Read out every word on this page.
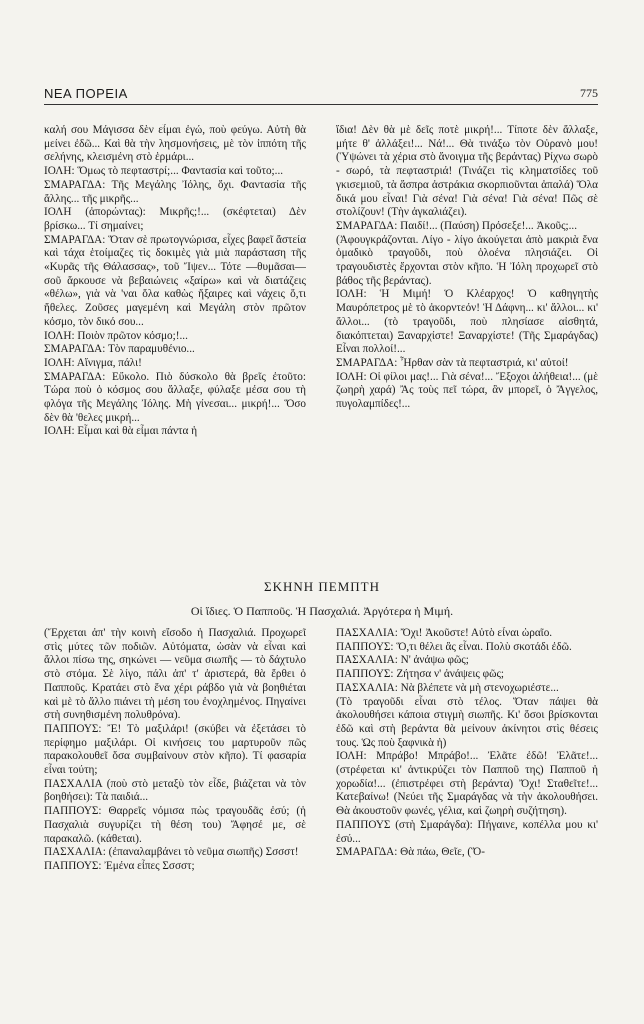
ΝΕΑ ΠΟΡΕΙΑ	775

καλή σου Μάγισσα δὲν εἶμαι ἐγώ, ποὺ φεύγω. Αὐτὴ θὰ μείνει ἐδῶ... Καὶ θὰ τὴν λησμονήσεις, μὲ τὸν ἱππότη τῆς σελήνης, κλεισμένη στὸ ἑρμάρι...

ΙΟΛΗ: Ὅμως τὸ πεφταστρί;... Φαντασία καὶ τοῦτο;...

ΣΜΑΡΑΓΔΑ: Τῆς Μεγάλης Ἰόλης, ὄχι. Φαντασία τῆς ἄλλης... τῆς μικρῆς...

ΙΟΛΗ (ἀπορώντας): Μικρῆς;!... (σκέφτεται) Δὲν βρίσκω... Τί σημαίνει;

ΣΜΑΡΑΓΔΑ: Ὅταν σὲ πρωτογνώρισα, εἶχες βαφεῖ ἄστεία καὶ τάχα ἑτοίμαζες τὶς δοκιμὲς γιὰ μιὰ παράσταση τῆς «Κυρᾶς τῆς Θάλασσας», τοῦ Ἴψεν... Τότε —θυμᾶσαι—σοῦ ἄρκουσε νὰ βεβαιώνεις «ξαίρω» καὶ νὰ διατάζεις «θέλω», γιὰ νὰ 'ναι ὅλα καθὼς ἤξαιρες καὶ νάχεις ὅ,τι ἤθελες. Ζοῦσες μαγεμένη καὶ Μεγάλη στὸν πρῶτον κόσμο, τὸν δικό σου...

ΙΟΛΗ: Ποιὸν πρῶτον κόσμο;!...

ΣΜΑΡΑΓΔΑ: Τὸν παραμυθένιο...

ΙΟΛΗ: Αἴνιγμα, πάλι!

ΣΜΑΡΑΓΔΑ: Εὔκολο. Πιὸ δύσκολο θὰ βρεῖς ἐτοῦτο: Τώρα ποὺ ὁ κόσμος σου ἄλλαξε, φύλαξε μέσα σου τὴ φλόγα τῆς Μεγάλης Ἰόλης. Μὴ γίνεσαι... μικρή!... Ὅσο δὲν θὰ 'θελες μικρή...

ΙΟΛΗ: Εἶμαι καὶ θὰ εἶμαι πάντα ἡ

ἴδια! Δὲν θὰ μὲ δεῖς ποτὲ μικρή!... Τίποτε δὲν ἄλλαξε, μήτε θ' ἀλλάξει!... Νά!... Θὰ τινάξω τὸν Οὐρανὸ μου! (Ὑψώνει τὰ χέρια στὸ ἄνοιγμα τῆς βεράντας) Ρίχνω σωρὸ - σωρό, τὰ πεφταστριά! (Τινάζει τὶς κληματσίδες τοῦ γκισεμιοῦ, τὰ ἄσπρα ἀστράκια σκορπιοῦνται ἁπαλά) Ὅλα δικά μου εἶναι! Γιὰ σένα! Γιὰ σένα! Γιὰ σένα! Πῶς σὲ στολίζουν! (Τὴν ἀγκαλιάζει).

ΣΜΑΡΑΓΔΑ: Παιδί!... (Παύση) Πρόσεξε!... Ἀκοῦς;...

(Ἀφουγκράζονται. Λίγο - λίγο ἀκούγεται ἀπὸ μακριὰ ἕνα ὁμαδικὸ τραγοῦδι, ποὺ ὁλοένα πλησιάζει. Οἱ τραγουδιστὲς ἔρχονται στὸν κῆπο. Ἡ Ἰόλη προχωρεῖ στὸ βάθος τῆς βεράντας).

ΙΟΛΗ: Ἡ Μιμή! Ὁ Κλέαρχος! Ὁ καθηγητὴς Μαυρόπετρος μὲ τὸ ἀκορντεόν! Ἡ Δάφνη... κι' ἄλλοι... κι' ἄλλοι... (τὸ τραγοῦδι, ποὺ πλησίασε αἰσθητά, διακόπτεται) Ξαναρχίστε! Ξαναρχίστε! (Τῆς Σμαράγδας) Εἶναι πολλοί!...

ΣΜΑΡΑΓΔΑ: Ἦρθαν σὰν τὰ πεφταστριά, κι' αὐτοί!

ΙΟΛΗ: Οἱ φίλοι μας!... Γιὰ σένα!... Ἔξοχοι ἀλήθεια!... (μὲ ζωηρὴ χαρά) Ἂς τοὺς πεῖ τώρα, ἂν μπορεῖ, ὁ Ἄγγελος, πυγολαμπίδες!...

ΣΚΗΝΗ ΠΕΜΠΤΗ
Οἱ ἴδιες. Ὁ Παπποῦς. Ἡ Πασχαλιά. Ἀργότερα ἡ Μιμή.

(Ἔρχεται ἀπ' τὴν κοινὴ εἴσοδο ἡ Πασχαλιά. Προχωρεῖ στὶς μύτες τῶν ποδιῶν. Αὐτόματα, ὡσὰν νὰ εἶναι καὶ ἄλλοι πίσω της, σηκώνει — νεῦμα σιωπῆς — τὸ δάχτυλο στὸ στόμα. Σὲ λίγο, πάλι ἀπ' τ' ἀριστερά, θὰ ἔρθει ὁ Παπποῦς. Κρατάει στὸ ἕνα χέρι ράβδο γιὰ νὰ βοηθιέται καὶ μὲ τὸ ἄλλο πιάνει τὴ μέση του ἐνοχλημένος. Πηγαίνει στὴ συνηθισμένη πολυθρόνα).

ΠΑΠΠΟΥΣ: Ἔ! Τὸ μαξιλάρι! (σκύβει νὰ ἐξετάσει τὸ περίφημο μαξιλάρι. Οἱ κινήσεις του μαρτυροῦν πῶς παρακολουθεῖ ὅσα συμβαίνουν στὸν κῆπο). Τί φασαρία εἶναι τούτη;

ΠΑΣΧΑΛΙΑ (ποὺ στὸ μεταξὺ τὸν εἶδε, βιάζεται νὰ τὸν βοηθήσει): Τὰ παιδιά...

ΠΑΠΠΟΥΣ: Θαρρεῖς νόμισα πὼς τραγουδᾶς ἐσύ; (ἡ Πασχαλιὰ συγυρίζει τὴ θέση του) Ἄφησέ με, σὲ παρακαλῶ. (κάθεται).

ΠΑΣΧΑΛΙΑ: (ἐπαναλαμβάνει τὸ νεῦμα σιωπῆς) Σσσστ!

ΠΑΠΠΟΥΣ: Ἐμένα εἶπες Σσσστ;

ΠΑΣΧΑΛΙΑ: Ὄχι! Ἀκοῦστε! Αὐτὸ εἶναι ὡραῖο.

ΠΑΠΠΟΥΣ: Ὅ,τι θέλει ἂς εἶναι. Πολὺ σκοτάδι ἐδῶ.

ΠΑΣΧΑΛΙΑ: Ν' ἀνάψω φῶς;

ΠΑΠΠΟΥΣ: Ζήτησα ν' ἀνάψεις φῶς;

ΠΑΣΧΑΛΙΑ: Νὰ βλέπετε νὰ μὴ στενοχωριέστε...

(Τὸ τραγοῦδι εἶναι στὸ τέλος. Ὅταν πάψει θὰ ἀκολουθήσει κάποια στιγμὴ σιωπῆς. Κι' ὅσοι βρίσκονται ἐδῶ καὶ στὴ βεράντα θὰ μείνουν ἀκίνητοι στὶς θέσεις τους. Ὡς ποὺ ξαφνικὰ ἡ)

ΙΟΛΗ: Μπράβο! Μπράβο!... Ἐλᾶτε ἐδῶ! Ἐλᾶτε!... (στρέφεται κι' ἀντικρύζει τὸν Παπποῦ της) Παπποῦ ἡ χορωδία!... (ἐπιστρέφει στὴ βεράντα) Ὄχι! Σταθεῖτε!... Κατεβαίνω! (Νεύει τῆς Σμαράγδας νὰ τὴν ἀκολουθήσει. Θὰ ἀκουστοῦν φωνές, γέλια, καὶ ζωηρὴ συζήτηση).

ΠΑΠΠΟΥΣ (στὴ Σμαράγδα): Πήγαινε, κοπέλλα μου κι' ἐσύ...

ΣΜΑΡΑΓΔΑ: Θὰ πάω, Θεῖε, (Ὅ-
